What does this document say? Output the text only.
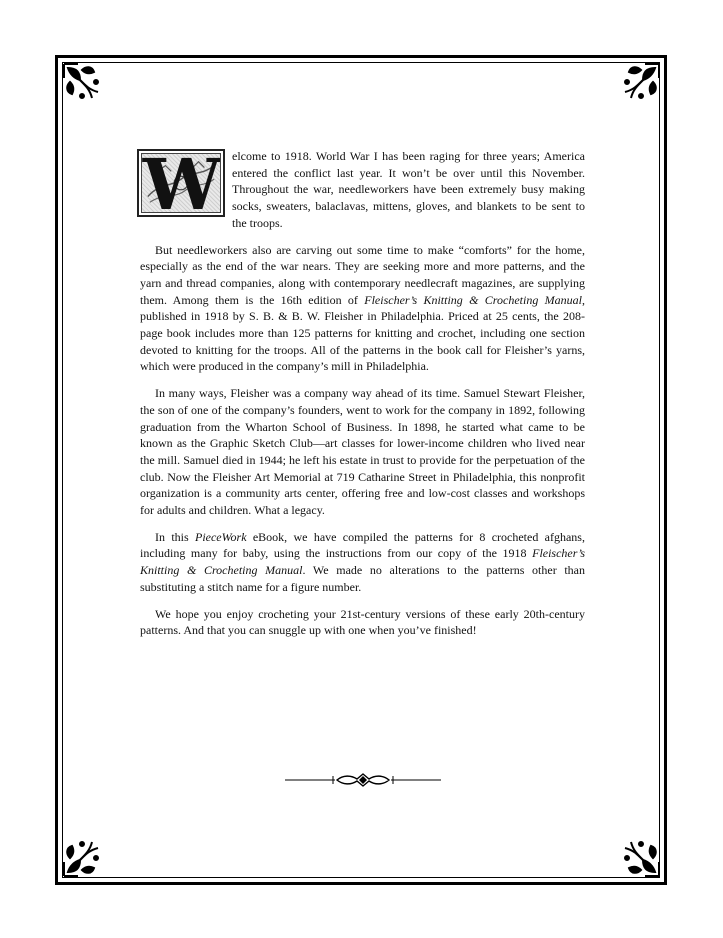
W	elcome to 1918. World War I has been raging for three years; America entered the conflict last year. It won’t be over until this November. Throughout the war, needleworkers have been extremely busy making socks, sweaters, balaclavas, mittens, gloves, and blankets to be sent to the troops.

But needleworkers also are carving out some time to make “comforts” for the home, especially as the end of the war nears. They are seeking more and more patterns, and the yarn and thread companies, along with contemporary needlecraft magazines, are supplying them. Among them is the 16th edition of Fleischer’s Knitting & Crocheting Manual, published in 1918 by S. B. & B. W. Fleisher in Philadelphia. Priced at 25 cents, the 208-page book includes more than 125 patterns for knitting and crochet, including one section devoted to knitting for the troops. All of the patterns in the book call for Fleisher’s yarns, which were produced in the company’s mill in Philadelphia.

In many ways, Fleisher was a company way ahead of its time. Samuel Stewart Fleisher, the son of one of the company’s founders, went to work for the company in 1892, following graduation from the Wharton School of Business. In 1898, he started what came to be known as the Graphic Sketch Club—art classes for lower-income children who lived near the mill. Samuel died in 1944; he left his estate in trust to provide for the perpetuation of the club. Now the Fleisher Art Memorial at 719 Catharine Street in Philadelphia, this nonprofit organization is a community arts center, offering free and low-cost classes and workshops for adults and children. What a legacy.

In this PieceWork eBook, we have compiled the patterns for 8 crocheted afghans, including many for baby, using the instructions from our copy of the 1918 Fleischer’s Knitting & Crocheting Manual. We made no alterations to the patterns other than substituting a stitch name for a figure number.

We hope you enjoy crocheting your 21st-century versions of these early 20th-century patterns. And that you can snuggle up with one when you’ve finished!
